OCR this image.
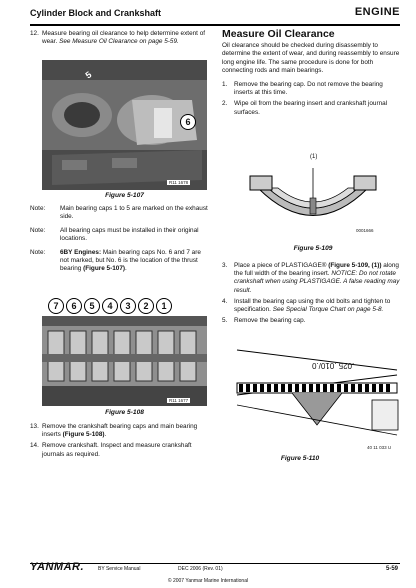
Cylinder Block and Crankshaft	ENGINE
12. Measure bearing oil clearance to help determine extent of wear. See Measure Oil Clearance on page 5-59.
5
6
R11 1678
Figure 5-107
Note: Main bearing caps 1 to 5 are marked on the exhaust side.
Note: All bearing caps must be installed in their original locations.
Note: 6BY Engines: Main bearing caps No. 6 and 7 are not marked, but No. 6 is the location of the thrust bearing (Figure 5-107).
7 6 5 4 3 2 1
R11 1677
Figure 5-108
13. Remove the crankshaft bearing caps and main bearing inserts (Figure 5-108).
14. Remove crankshaft. Inspect and measure crankshaft journals as required.
Measure Oil Clearance
Oil clearance should be checked during disassembly to determine the extent of wear, and during reassembly to ensure long engine life. The same procedure is done for both connecting rods and main bearings.
1. Remove the bearing cap. Do not remove the bearing inserts at this time.
2. Wipe oil from the bearing insert and crankshaft journal surfaces.
(1)
0001666
Figure 5-109
3. Place a piece of PLASTIGAGE® (Figure 5-109, (1)) along the full width of the bearing insert. NOTICE: Do not rotate crankshaft when using PLASTIGAGE. A false reading may result.
4. Install the bearing cap using the old bolts and tighten to specification. See Special Torque Chart on page 5-8.
5. Remove the bearing cap.
.025 .010/.0
40 11 033 U
Figure 5-110
YANMAR.	BY Service Manual	DEC 2006 (Rev. 01)	5-59
© 2007 Yanmar Marine International
